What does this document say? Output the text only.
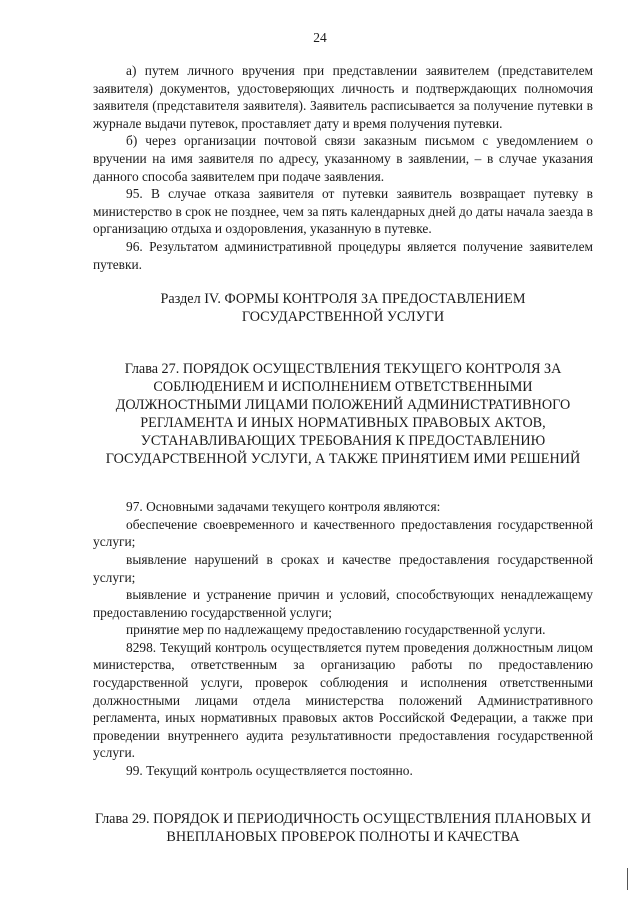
24

а) путем личного вручения при представлении заявителем (представителем заявителя) документов, удостоверяющих личность и подтверждающих полномочия заявителя (представителя заявителя). Заявитель расписывается за получение путевки в журнале выдачи путевок, проставляет дату и время получения путевки.

б) через организации почтовой связи заказным письмом с уведомлением о вручении на имя заявителя по адресу, указанному в заявлении, – в случае указания данного способа заявителем при подаче заявления.

95. В случае отказа заявителя от путевки заявитель возвращает путевку в министерство в срок не позднее, чем за пять календарных дней до даты начала заезда в организацию отдыха и оздоровления, указанную в путевке.

96. Результатом административной процедуры является получение заявителем путевки.

Раздел IV. ФОРМЫ КОНТРОЛЯ ЗА ПРЕДОСТАВЛЕНИЕМ ГОСУДАРСТВЕННОЙ УСЛУГИ

Глава 27. ПОРЯДОК ОСУЩЕСТВЛЕНИЯ ТЕКУЩЕГО КОНТРОЛЯ ЗА СОБЛЮДЕНИЕМ И ИСПОЛНЕНИЕМ ОТВЕТСТВЕННЫМИ ДОЛЖНОСТНЫМИ ЛИЦАМИ ПОЛОЖЕНИЙ АДМИНИСТРАТИВНОГО РЕГЛАМЕНТА И ИНЫХ НОРМАТИВНЫХ ПРАВОВЫХ АКТОВ, УСТАНАВЛИВАЮЩИХ ТРЕБОВАНИЯ К ПРЕДОСТАВЛЕНИЮ ГОСУДАРСТВЕННОЙ УСЛУГИ, А ТАКЖЕ ПРИНЯТИЕМ ИМИ РЕШЕНИЙ

97. Основными задачами текущего контроля являются:

обеспечение своевременного и качественного предоставления государственной услуги;

выявление нарушений в сроках и качестве предоставления государственной услуги;

выявление и устранение причин и условий, способствующих ненадлежащему предоставлению государственной услуги;

принятие мер по надлежащему предоставлению государственной услуги.

8298. Текущий контроль осуществляется путем проведения должностным лицом министерства, ответственным за организацию работы по предоставлению государственной услуги, проверок соблюдения и исполнения ответственными должностными лицами отдела министерства положений Административного регламента, иных нормативных правовых актов Российской Федерации, а также при проведении внутреннего аудита результативности предоставления государственной услуги.

99. Текущий контроль осуществляется постоянно.

Глава 29. ПОРЯДОК И ПЕРИОДИЧНОСТЬ ОСУЩЕСТВЛЕНИЯ ПЛАНОВЫХ И ВНЕПЛАНОВЫХ ПРОВЕРОК ПОЛНОТЫ И КАЧЕСТВА
